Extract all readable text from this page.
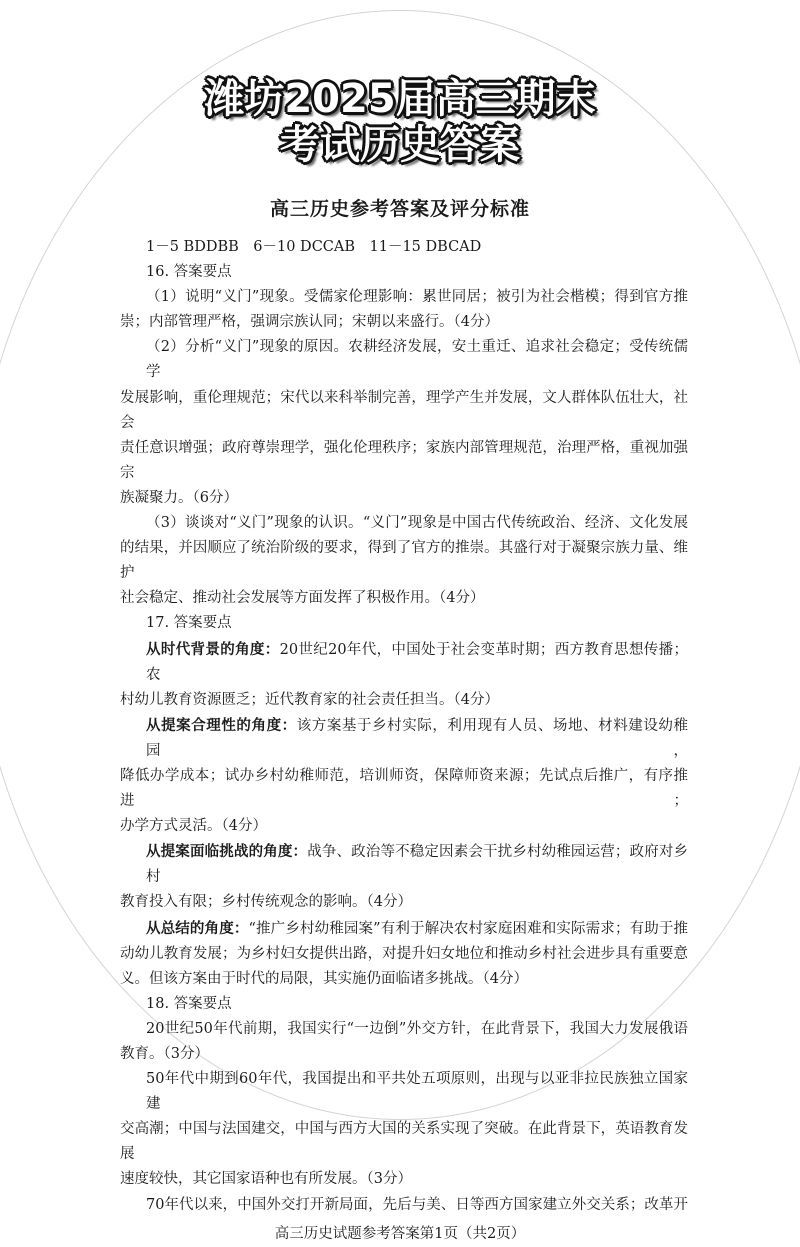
潍坊2025届高三期末
考试历史答案
高三历史参考答案及评分标准
1－5 BDDBB　6－10 DCCAB　11－15 DBCAD
16. 答案要点
（1）说明“义门”现象。受儒家伦理影响：累世同居；被引为社会楷模；得到官方推
崇；内部管理严格，强调宗族认同；宋朝以来盛行。（4分）
（2）分析“义门”现象的原因。农耕经济发展，安土重迁、追求社会稳定；受传统儒学
发展影响，重伦理规范；宋代以来科举制完善，理学产生并发展，文人群体队伍壮大，社会
责任意识增强；政府尊崇理学，强化伦理秩序；家族内部管理规范，治理严格，重视加强宗
族凝聚力。（6分）
（3）谈谈对“义门”现象的认识。“义门”现象是中国古代传统政治、经济、文化发展
的结果，并因顺应了统治阶级的要求，得到了官方的推崇。其盛行对于凝聚宗族力量、维护
社会稳定、推动社会发展等方面发挥了积极作用。（4分）
17. 答案要点
从时代背景的角度：20世纪20年代，中国处于社会变革时期；西方教育思想传播；农
村幼儿教育资源匮乏；近代教育家的社会责任担当。（4分）
从提案合理性的角度：该方案基于乡村实际，利用现有人员、场地、材料建设幼稚园，
降低办学成本；试办乡村幼稚师范，培训师资，保障师资来源；先试点后推广，有序推进；
办学方式灵活。（4分）
从提案面临挑战的角度：战争、政治等不稳定因素会干扰乡村幼稚园运营；政府对乡村
教育投入有限；乡村传统观念的影响。（4分）
从总结的角度：“推广乡村幼稚园案”有利于解决农村家庭困难和实际需求；有助于推
动幼儿教育发展；为乡村妇女提供出路，对提升妇女地位和推动乡村社会进步具有重要意
义。但该方案由于时代的局限，其实施仍面临诸多挑战。（4分）
18. 答案要点
20世纪50年代前期，我国实行“一边倒”外交方针，在此背景下，我国大力发展俄语
教育。（3分）
50年代中期到60年代，我国提出和平共处五项原则，出现与以亚非拉民族独立国家建
交高潮；中国与法国建交，中国与西方大国的关系实现了突破。在此背景下，英语教育发展
速度较快，其它国家语种也有所发展。（3分）
70年代以来，中国外交打开新局面，先后与美、日等西方国家建立外交关系；改革开
高三历史试题参考答案第1页（共2页）
